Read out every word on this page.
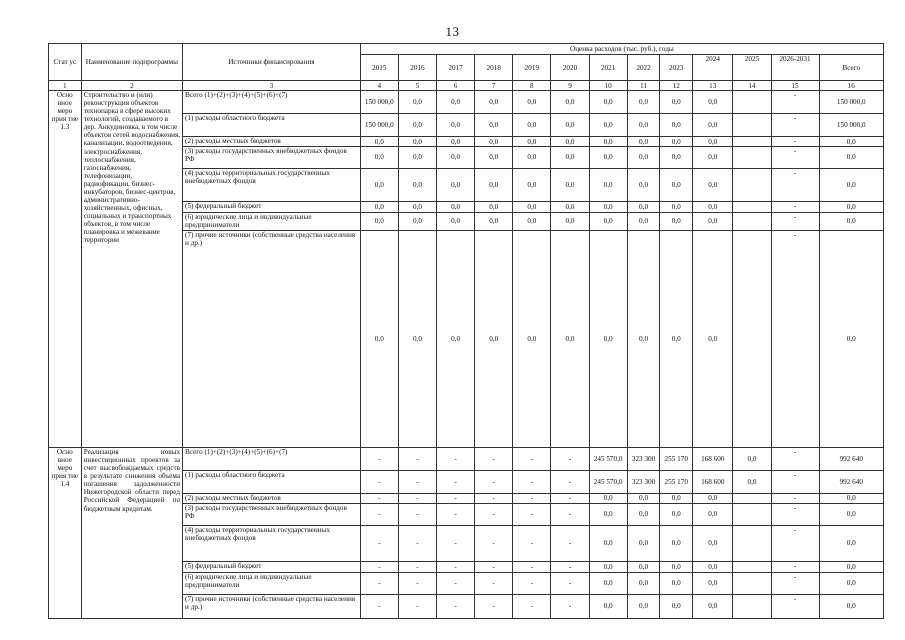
13
Стат ус	Наименование подпрограммы	Источники финансирования	Оценка расходов (тыс. руб.), годы												
			2015	2016	2017	2018	2019	2020	2021	2022	2023	2024	2025	2026-2031	Всего
1	2	3	4	5	6	7	8	9	10	11	12	13	14	15	16
Осно вное меро прия тие 1.3	Строительство и (или) реконструкция объектов технопарка в сфере высоких технологий, создаваемого в дер. Анкудиновка, в том числе объектов сетей водоснабжения, канализации, водоотведения, электроснабжения, теплоснабжения, газоснабжения, телефонизации, радиофикации, бизнес-инкубаторов, бизнес-центров, административно-хозяйственных, офисных, социальных и транспортных объектов, в том числе планировка и межевание территории	Всего (1)+(2)+(3)+(4)+(5)+(6)+(7)	150 000,0	0,0	0,0	0,0	0,0	0,0	0,0	0,0	0,0	0,0		-	150 000,0
		(1) расходы областного бюджета	150 000,0	0,0	0,0	0,0	0,0	0,0	0,0	0,0	0,0	0,0		-	150 000,0
		(2) расходы местных бюджетов	0,0	0,0	0,0	0,0	0,0	0,0	0,0	0,0	0,0	0,0		-	0,0
		(3) расходы государственных внебюджетных фондов РФ	0,0	0,0	0,0	0,0	0,0	0,0	0,0	0,0	0,0	0,0		-	0,0
		(4) расходы территориальных государственных внебюджетных фондов	0,0	0,0	0,0	0,0	0,0	0,0	0,0	0,0	0,0	0,0		-	0,0
		(5) федеральный бюджет	0,0	0,0	0,0	0,0	0,0	0,0	0,0	0,0	0,0	0,0		-	0,0
		(6) юридические лица и индивидуальные предприниматели	0,0	0,0	0,0	0,0	0,0	0,0	0,0	0,0	0,0	0,0		-	0,0
		(7) прочие источники (собственные средства населения и др.)	0,0	0,0	0,0	0,0	0,0	0,0	0,0	0,0	0,0	0,0		-	0,0
Осно вное меро прия тие 1.4	Реализация новых инвестиционных проектов за счет высвобождаемых средств в результате снижения объема погашения задолженности Нижегородской области перед Российской Федерацией по бюджетным кредитам.	Всего (1)+(2)+(3)+(4)+(5)+(6)+(7)	-	-	-	-	-	-	245 570,0	323 300	255 170	168 600	0,0	-	992 640
		(1) расходы областного бюджета	-	-	-	-	-	-	245 570,0	323 300	255 170	168 600	0,0	-	992 640
		(2) расходы местных бюджетов	-	-	-	-	-	-	0,0	0,0	0,0	0,0		-	0,0
		(3) расходы государственных внебюджетных фондов РФ	-	-	-	-	-	-	0,0	0,0	0,0	0,0		-	0,0
		(4) расходы территориальных государственных внебюджетных фондов	-	-	-	-	-	-	0,0	0,0	0,0	0,0		-	0,0
		(5) федеральный бюджет	-	-	-	-	-	-	0,0	0,0	0,0	0,0		-	0,0
		(6) юридические лица и индивидуальные предприниматели	-	-	-	-	-	-	0,0	0,0	0,0	0,0		-	0,0
		(7) прочие источники (собственные средства населения и др.)	-	-	-	-	-	-	0,0	0,0	0,0	0,0		-	0,0
